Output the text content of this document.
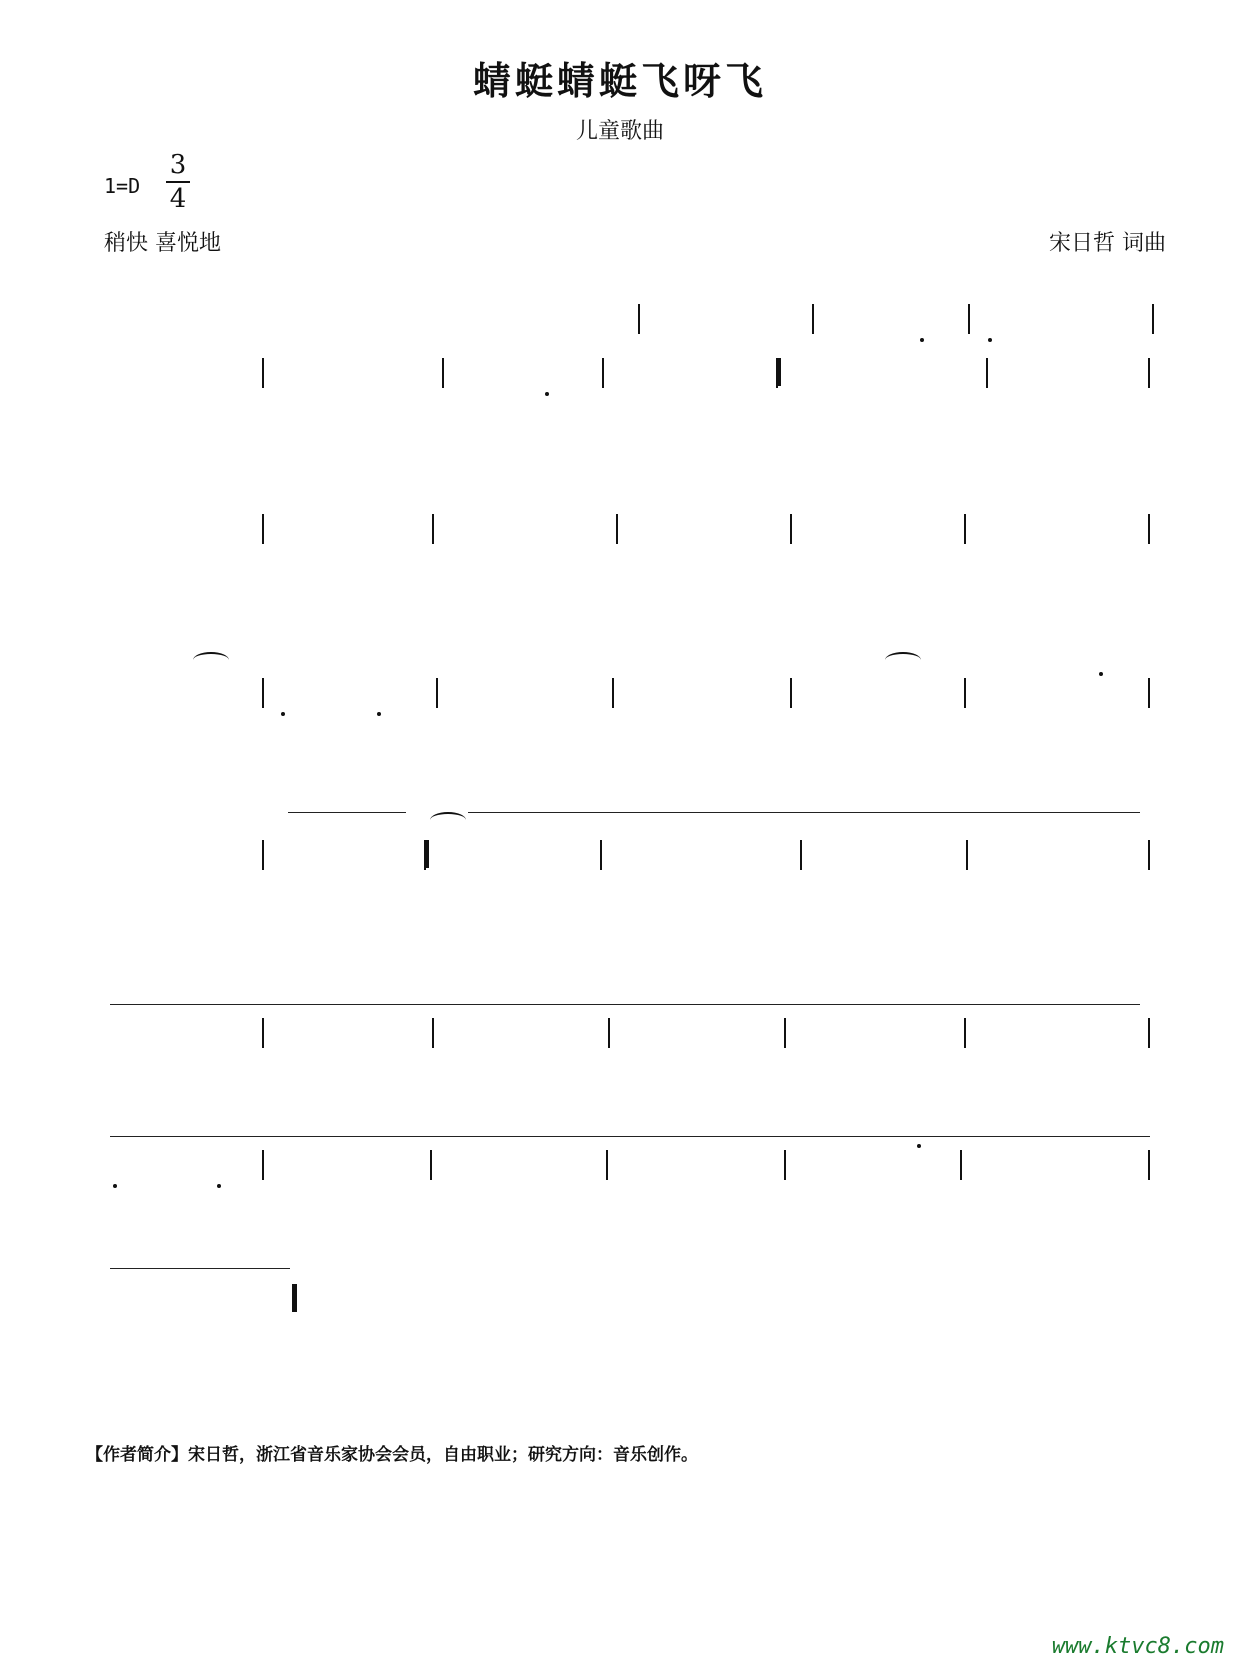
蜻蜓蜻蜓飞呀飞
儿童歌曲
1=D
3
4
稍快 喜悦地	宋日哲 词曲
【作者简介】宋日哲，浙江省音乐家协会会员，自由职业；研究方向：音乐创作。
www.ktvc8.com
